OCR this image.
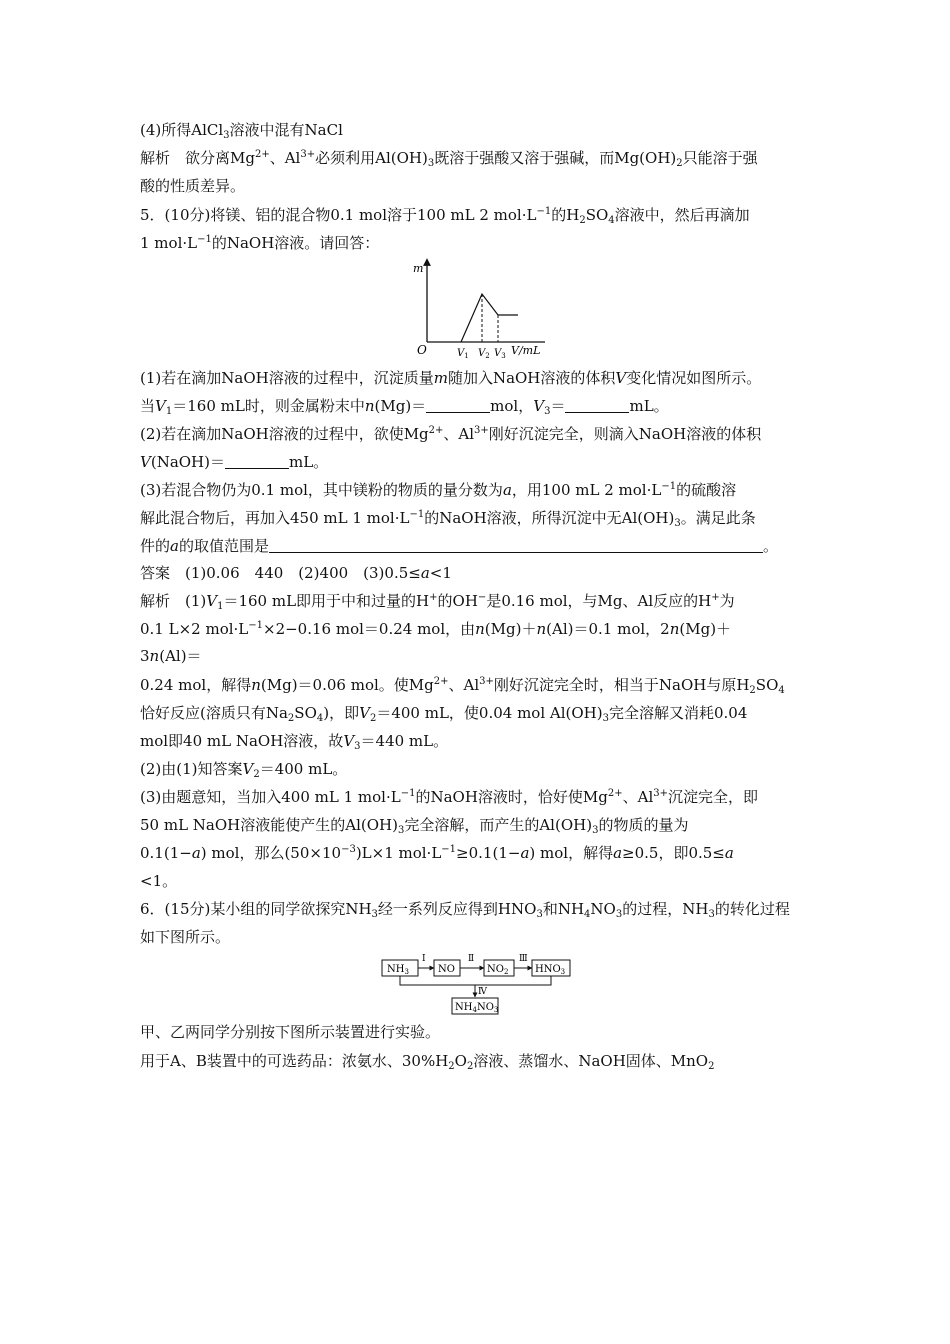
(4)所得AlCl$_3$溶液中混有NaCl
解析　欲分离$Mg^{2+}$、$Al^{3+}$必须利用$Al(OH)_3$既溶于强酸又溶于强碱，而$Mg(OH)_2$只能溶于强
酸的性质差异。
5．(10分)将镁、铝的混合物0.1 mol溶于100 mL 2 $mol\cdot L^{-1}$的$H_2SO_4$溶液中，然后再滴加
1 $mol\cdot L^{-1}$的NaOH溶液。请回答：
m
O	$V_1$ $V_2$ $V_3$ V/mL
(1)若在滴加NaOH溶液的过程中，沉淀质量m随加入NaOH溶液的体积V变化情况如图所示。
当$V_1=160$ mL时，则金属粉末中n(Mg)＝	mol，$V_3=$	mL。
(2)若在滴加NaOH溶液的过程中，欲使$Mg^{2+}$、$Al^{3+}$刚好沉淀完全，则滴入NaOH溶液的体积
V(NaOH)＝	mL。
(3)若混合物仍为0.1 mol，其中镁粉的物质的量分数为a，用100 mL 2 $mol\cdot L^{-1}$的硫酸溶
解此混合物后，再加入450 mL 1 $mol\cdot L^{-1}$的NaOH溶液，所得沉淀中无$Al(OH)_3$。满足此条
件的a的取值范围是	。
答案　(1)0.06　440　(2)400　(3)0.5≤a<1
解析　$(1)V_1=160$ mL即用于中和过量的H+的OH−是0.16 mol，与Mg、Al反应的H+为
0.1 L×2 $mol\cdot L^{-1}\times 2-0.16$ mol＝0.24 mol，由n(Mg)＋n(Al)＝0.1 mol，2n(Mg)＋
3n(Al)＝
0.24 mol，解得n(Mg)＝0.06 mol。使$Mg^{2+}$、$Al^{3+}$刚好沉淀完全时，相当于NaOH与原$H_2SO_4$
恰好反应(溶质只有$Na_2SO_4$)，即$V_2=400$ mL，使0.04 mol $Al(OH)_3$完全溶解又消耗0.04
mol即40 mL NaOH溶液，故$V_3=440$ mL。
(2)由(1)知答案$V_2=400$ mL。
(3)由题意知，当加入400 mL 1 $mol\cdot L^{-1}$的NaOH溶液时，恰好使$Mg^{2+}$、$Al^{3+}$沉淀完全，即
50 mL NaOH溶液能使产生的$Al(OH)_3$完全溶解，而产生的$Al(OH)_3$的物质的量为
0.1(1−a) mol，那么$(50\times 10^{-3})L\times 1$ $mol\cdot L^{-1}\ge 0.1(1-a)$ mol，解得a≥0.5，即0.5≤a
<1。
6．(15分)某小组的同学欲探究$NH_3$经一系列反应得到$HNO_3$和$NH_4NO_3$的过程，$NH_3$的转化过程
如下图所示。
$NH_3$	NO	$NO_2$	$HNO_3$
Ⅰ	Ⅱ	Ⅲ
Ⅳ
$NH_4NO_3$
甲、乙两同学分别按下图所示装置进行实验。
用于A、B装置中的可选药品：浓氨水、$30\%H_2O_2$溶液、蒸馏水、NaOH固体、MnO$_2$
